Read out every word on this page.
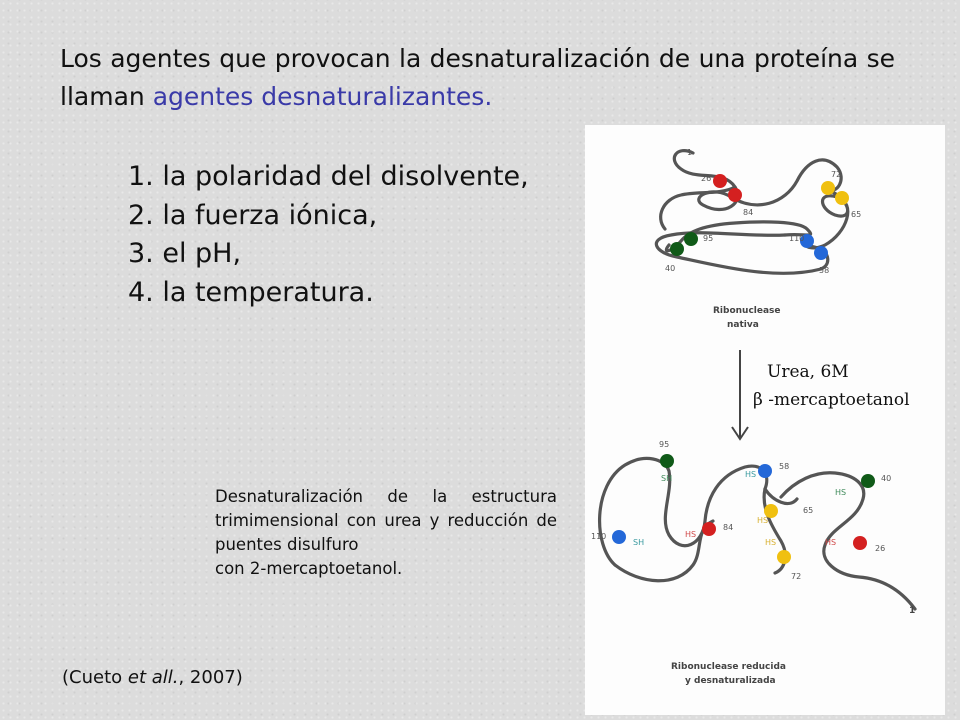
Los agentes que provocan la desnaturalización de una proteína se llaman agentes desnaturalizantes.

1. la polaridad del disolvente,
2. la fuerza iónica,
3. el pH,
4. la temperatura.
1
26
84
72
65
110
58
95
40
Ribonuclease
nativa
Urea, 6M
β -mercaptoetanol
95
58
40
65
110
84
72
26
1
SH	HS
HS
HS
HS
HS
SH	HS
Ribonuclease reducida
y desnaturalizada

Desnaturalización de la estructura trimimensional con urea y reducción de puentes disulfuro
con 2-mercaptoetanol.

(Cueto et all., 2007)
